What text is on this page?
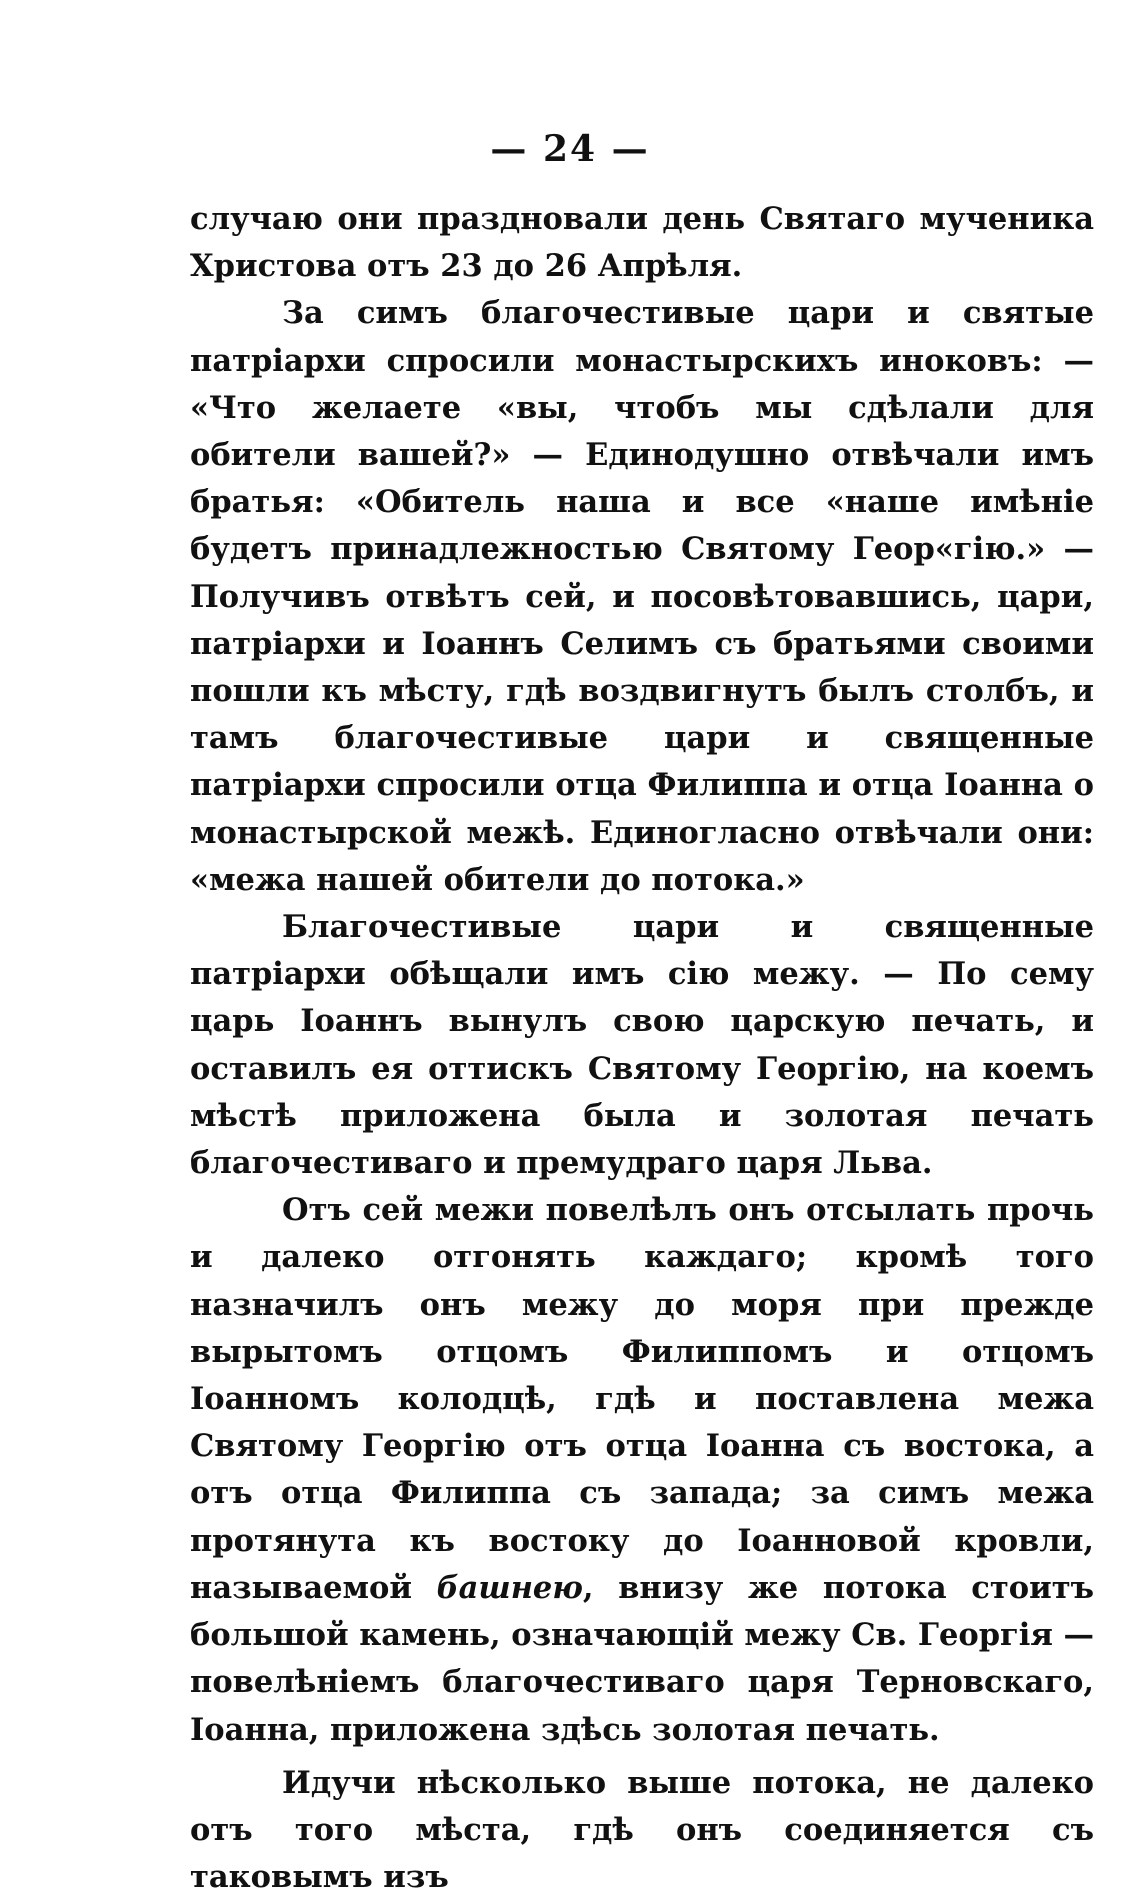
— 24 —

случаю они праздновали день Святаго мученика Христова отъ 23 до 26 Апрѣля.

За симъ благочестивые цари и святые патріархи спросили монастырскихъ иноковъ: — «Что желаете «вы, чтобъ мы сдѣлали для обители вашей?» — Единодушно отвѣчали имъ братья: «Обитель наша и все «наше имѣніе будетъ принадлежностью Святому Геор«гію.» — Получивъ отвѣтъ сей, и посовѣтовавшись, цари, патріархи и Іоаннъ Селимъ съ братьями своими пошли къ мѣсту, гдѣ воздвигнутъ былъ столбъ, и тамъ благочестивые цари и священные патріархи спросили отца Филиппа и отца Іоанна о монастырской межѣ. Единогласно отвѣчали они: «межа нашей обители до потока.»

Благочестивые цари и священные патріархи обѣщали имъ сію межу. — По сему царь Іоаннъ вынулъ свою царскую печать, и оставилъ ея оттискъ Святому Георгію, на коемъ мѣстѣ приложена была и золотая печать благочестиваго и премудраго царя Льва.

Отъ сей межи повелѣлъ онъ отсылать прочь и далеко отгонять каждаго; кромѣ того назначилъ онъ межу до моря при прежде вырытомъ отцомъ Филиппомъ и отцомъ Іоанномъ колодцѣ, гдѣ и поставлена межа Святому Георгію отъ отца Іоанна съ востока, а отъ отца Филиппа съ запада; за симъ межа протянута къ востоку до Іоанновой кровли, называемой башнею, внизу же потока стоитъ большой камень, означающій межу Св. Георгія — повелѣніемъ благочестиваго царя Терновскаго, Іоанна, приложена здѣсь золотая печать.

Идучи нѣсколько выше потока, не далеко отъ того мѣста, гдѣ онъ соединяется съ таковымъ изъ
